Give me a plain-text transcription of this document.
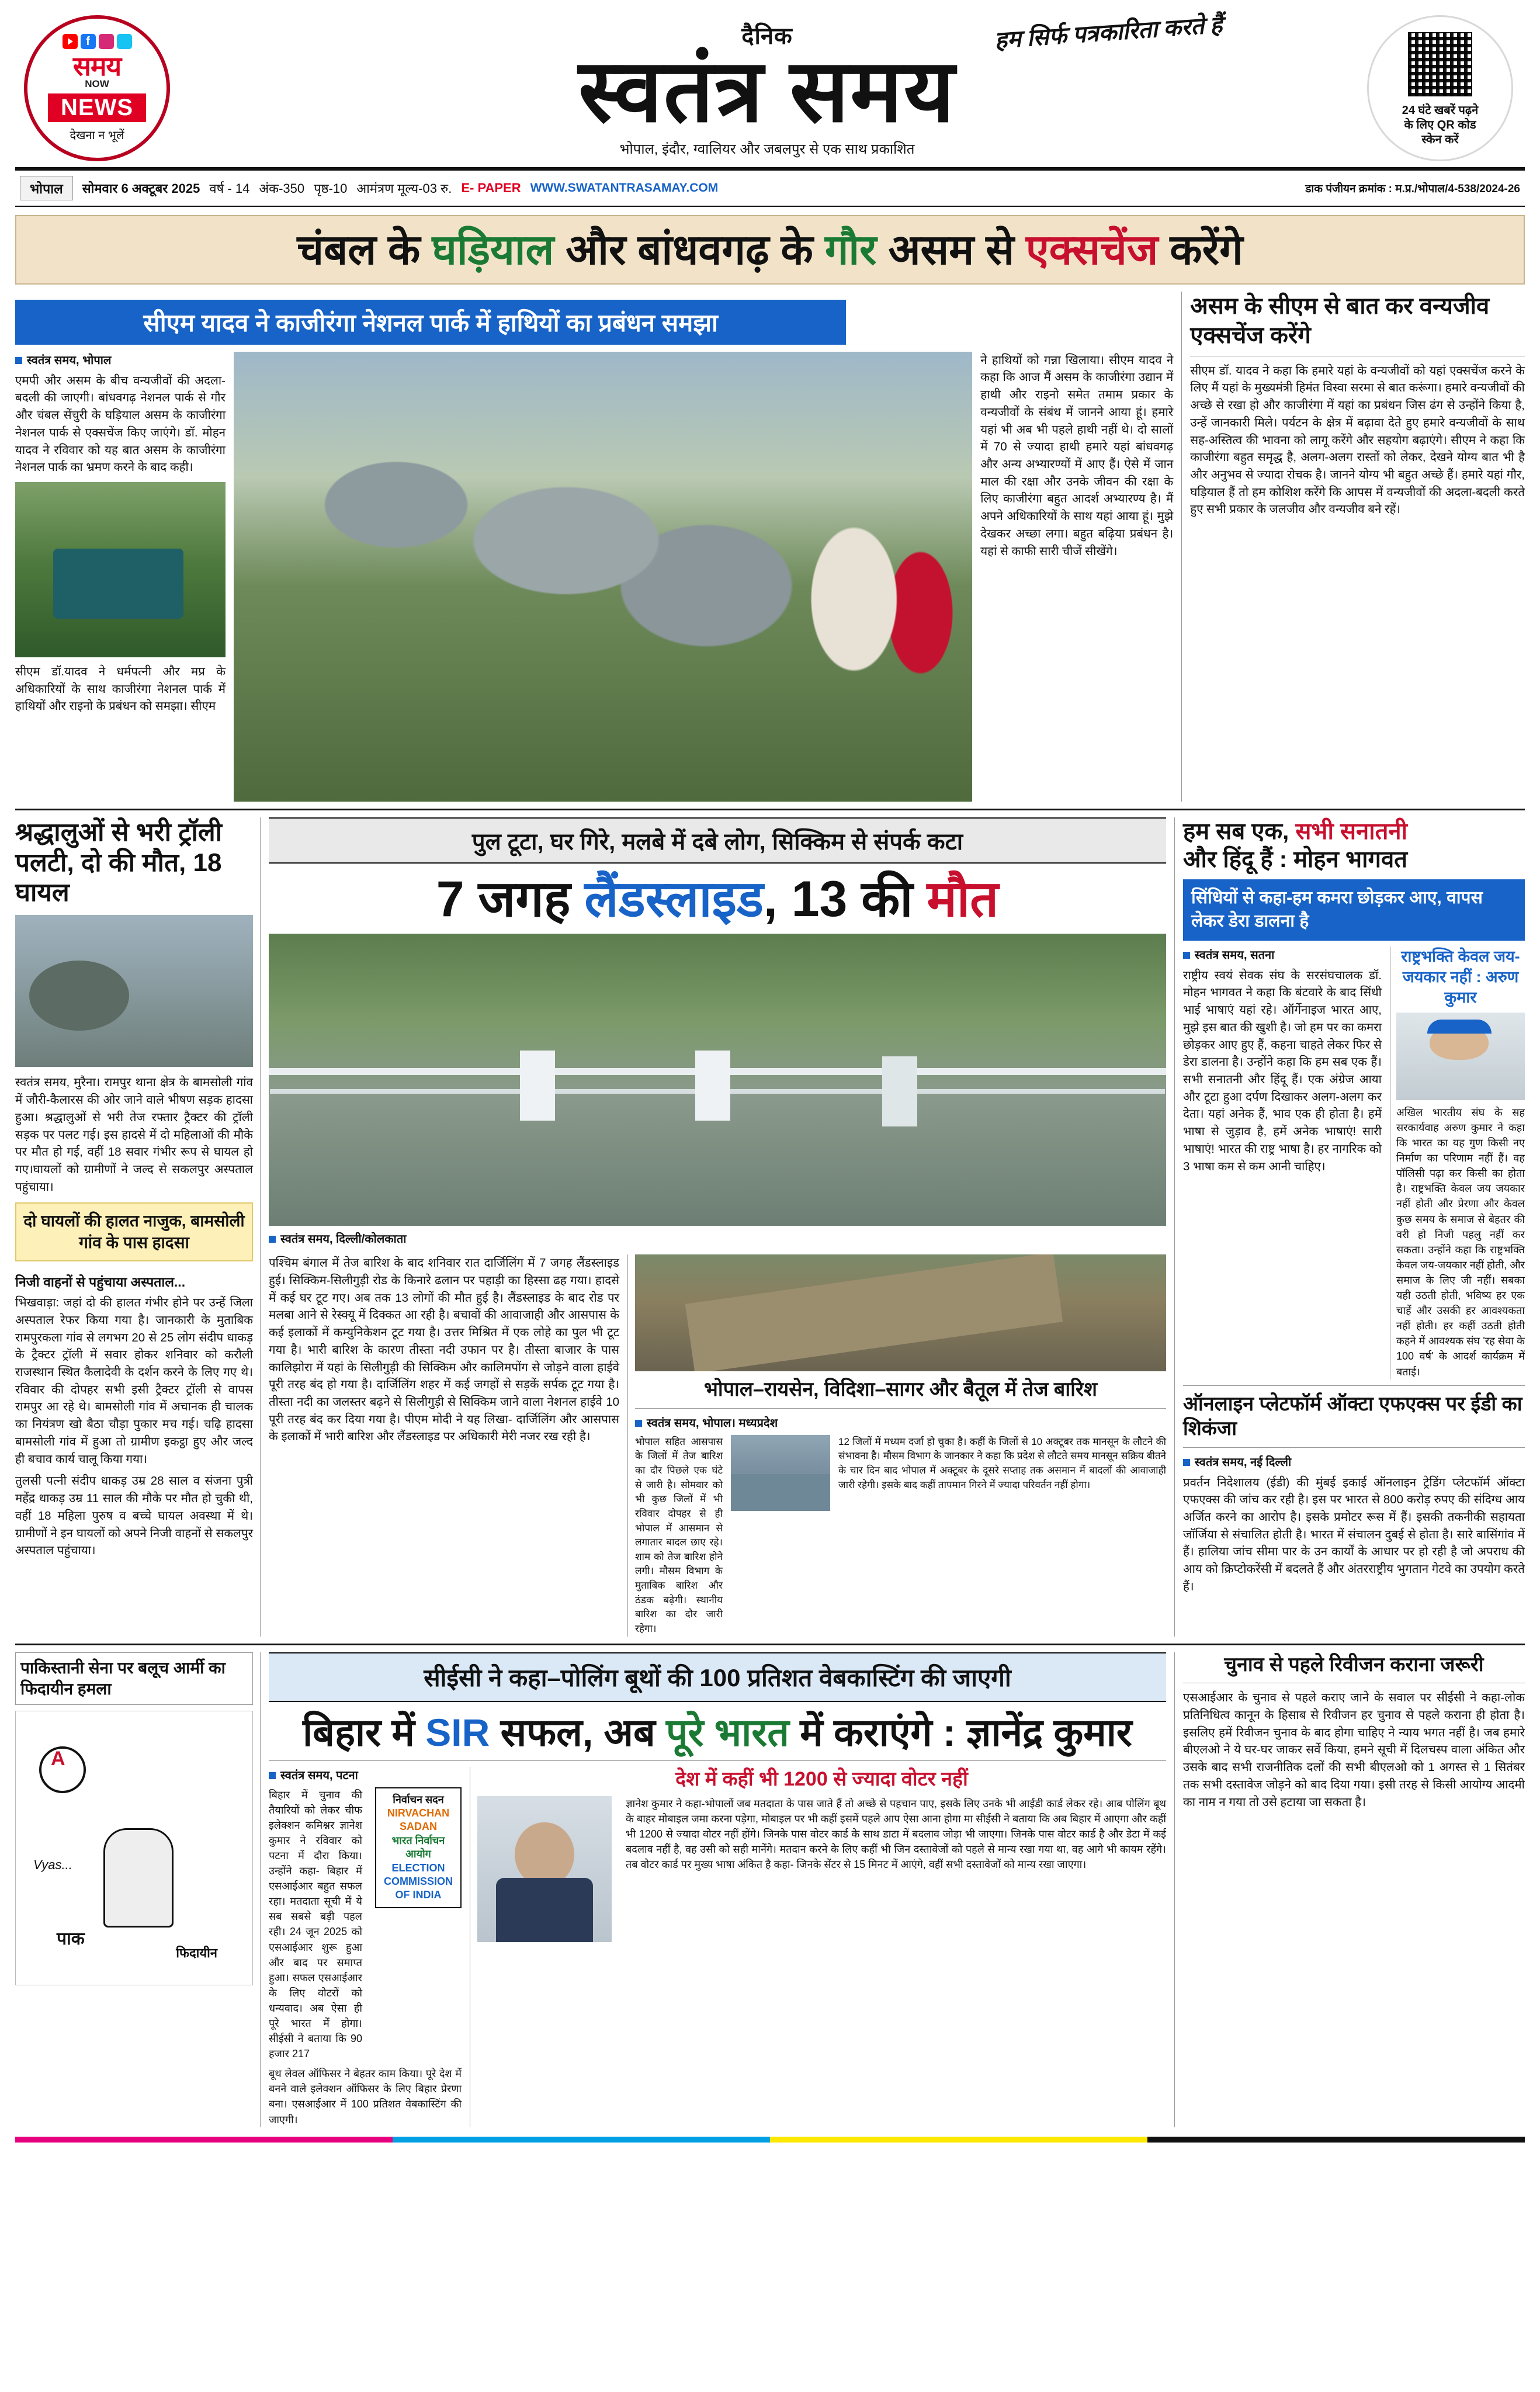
f
समय
NOW
NEWS
देखना न भूलें
हम सिर्फ पत्रकारिता करते हैं
दैनिक
स्वतंत्र समय
भोपाल, इंदौर, ग्वालियर और जबलपुर से एक साथ प्रकाशित
24 घंटे खबरें पढ़ने
के लिए QR कोड
स्केन करें
भोपाल	सोमवार 6 अक्टूबर 2025 वर्ष - 14 अंक-350 पृष्ठ-10 आमंत्रण मूल्य-03 रु. E- PAPER WWW.SWATANTRASAMAY.COM	डाक पंजीयन क्रमांक : म.प्र./भोपाल/4-538/2024-26
चंबल के घड़ियाल और बांधवगढ़ के गौर असम से एक्सचेंज करेंगे
सीएम यादव ने काजीरंगा नेशनल पार्क में हाथियों का प्रबंधन समझा
स्वतंत्र समय, भोपाल

एमपी और असम के बीच वन्यजीवों की अदला-बदली की जाएगी। बांधवगढ़ नेशनल पार्क से गौर और चंबल सेंचुरी के घड़ियाल असम के काजीरंगा नेशनल पार्क से एक्सचेंज किए जाएंगे। डॉ. मोहन यादव ने रविवार को यह बात असम के काजीरंगा नेशनल पार्क का भ्रमण करने के बाद कही।

सीएम डॉ.यादव ने धर्मपत्नी और मप्र के अधिकारियों के साथ काजीरंगा नेशनल पार्क में हाथियों और राइनो के प्रबंधन को समझा। सीएम

ने हाथियों को गन्ना खिलाया। सीएम यादव ने कहा कि आज मैं असम के काजीरंगा उद्यान में हाथी और राइनो समेत तमाम प्रकार के वन्यजीवों के संबंध में जानने आया हूं। हमारे यहां भी अब भी पहले हाथी नहीं थे। दो सालों में 70 से ज्यादा हाथी हमारे यहां बांधवगढ़ और अन्य अभ्यारण्यों में आए हैं। ऐसे में जान माल की रक्षा और उनके जीवन की रक्षा के लिए काजीरंगा बहुत आदर्श अभ्यारण्य है। मैं अपने अधिकारियों के साथ यहां आया हूं। मुझे देखकर अच्छा लगा। बहुत बढ़िया प्रबंधन है। यहां से काफी सारी चीजें सीखेंगे।

असम के सीएम से बात कर वन्यजीव एक्सचेंज करेंगे

सीएम डॉ. यादव ने कहा कि हमारे यहां के वन्यजीवों को यहां एक्सचेंज करने के लिए मैं यहां के मुख्यमंत्री हिमंत विस्वा सरमा से बात करूंगा। हमारे वन्यजीवों की अच्छे से रखा हो और काजीरंगा में यहां का प्रबंधन जिस ढंग से उन्होंने किया है, उन्हें जानकारी मिले। पर्यटन के क्षेत्र में बढ़ावा देते हुए हमारे वन्यजीवों के साथ सह-अस्तित्व की भावना को लागू करेंगे और सहयोग बढ़ाएंगे। सीएम ने कहा कि काजीरंगा बहुत समृद्ध है, अलग-अलग रास्तों को लेकर, देखने योग्य बात भी है और अनुभव से ज्यादा रोचक है। जानने योग्य भी बहुत अच्छे हैं। हमारे यहां गौर, घड़ियाल हैं तो हम कोशिश करेंगे कि आपस में वन्यजीवों की अदला-बदली करते हुए सभी प्रकार के जलजीव और वन्यजीव बने रहें।

श्रद्धालुओं से भरी ट्रॉली पलटी, दो की मौत, 18 घायल

स्वतंत्र समय, मुरैना। रामपुर थाना क्षेत्र के बामसोली गांव में जौरी-कैलारस की ओर जाने वाले भीषण सड़क हादसा हुआ। श्रद्धालुओं से भरी तेज रफ्तार ट्रैक्टर की ट्रॉली सड़क पर पलट गई। इस हादसे में दो महिलाओं की मौके पर मौत हो गई, वहीं 18 सवार गंभीर रूप से घायल हो गए।घायलों को ग्रामीणों ने जल्द से सकलपुर अस्पताल पहुंचाया।

दो घायलों की हालत नाजुक, बामसोली गांव के पास हादसा
निजी वाहनों से पहुंचाया अस्पताल...

भिखवाड़ा: जहां दो की हालत गंभीर होने पर उन्हें जिला अस्पताल रेफर किया गया है। जानकारी के मुताबिक रामपुरकला गांव से लगभग 20 से 25 लोग संदीप धाकड़ के ट्रैक्टर ट्रॉली में सवार होकर शनिवार को करौली राजस्थान स्थित कैलादेवी के दर्शन करने के लिए गए थे। रविवार की दोपहर सभी इसी ट्रैक्टर ट्रॉली से वापस रामपुर आ रहे थे। बामसोली गांव में अचानक ही चालक का नियंत्रण खो बैठा चौड़ा पुकार मच गई। चढ़ि हादसा बामसोली गांव में हुआ तो ग्रामीण इकट्ठा हुए और जल्द ही बचाव कार्य चालू किया गया।

तुलसी पत्नी संदीप धाकड़ उम्र 28 साल व संजना पुत्री महेंद्र धाकड़ उम्र 11 साल की मौके पर मौत हो चुकी थी, वहीं 18 महिला पुरुष व बच्चे घायल अवस्था में थे। ग्रामीणों ने इन घायलों को अपने निजी वाहनों से सकलपुर अस्पताल पहुंचाया।

पुल टूटा, घर गिरे, मलबे में दबे लोग, सिक्किम से संपर्क कटा
7 जगह लैंडस्लाइड, 13 की मौत
स्वतंत्र समय, दिल्ली/कोलकाता

पश्चिम बंगाल में तेज बारिश के बाद शनिवार रात दार्जिलिंग में 7 जगह लैंडस्लाइड हुई। सिक्किम-सिलीगुड़ी रोड के किनारे ढलान पर पहाड़ी का हिस्सा ढह गया। हादसे में कई घर टूट गए। अब तक 13 लोगों की मौत हुई है। लैंडस्लाइड के बाद रोड पर मलबा आने से रेस्क्यू में दिक्कत आ रही है। बचावों की आवाजाही और आसपास के कई इलाकों में कम्युनिकेशन टूट गया है। उत्तर मिश्रित में एक लोहे का पुल भी टूट गया है। भारी बारिश के कारण तीस्ता नदी उफान पर है। तीस्ता बाजार के पास कालिझोरा में यहां के सिलीगुड़ी की सिक्किम और कालिमपोंग से जोड़ने वाला हाईवे पूरी तरह बंद हो गया है। दार्जिलिंग शहर में कई जगहों से सड़कें सर्पक टूट गया है। तीस्ता नदी का जलस्तर बढ़ने से सिलीगुड़ी से सिक्किम जाने वाला नेशनल हाईवे 10 पूरी तरह बंद कर दिया गया है। पीएम मोदी ने यह लिखा- दार्जिलिंग और आसपास के इलाकों में भारी बारिश और लैंडस्लाइड पर अधिकारी मेरी नजर रख रही है।

भोपाल–रायसेन, विदिशा–सागर और बैतूल में तेज बारिश
स्वतंत्र समय, भोपाल। मध्यप्रदेश

भोपाल सहित आसपास के जिलों में तेज बारिश का दौर पिछले एक घंटे से जारी है। सोमवार को भी कुछ जिलों में भी रविवार दोपहर से ही भोपाल में आसमान से लगातार बादल छाए रहे। शाम को तेज बारिश होने लगी। मौसम विभाग के मुताबिक बारिश और ठंडक बढ़ेगी। स्थानीय बारिश का दौर जारी रहेगा।

12 जिलों में मध्यम दर्जा हो चुका है। कहीं के जिलों से 10 अक्टूबर तक मानसून के लौटने की संभावना है। मौसम विभाग के जानकार ने कहा कि प्रदेश से लौटते समय मानसून सक्रिय बीतने के चार दिन बाद भोपाल में अक्टूबर के दूसरे सप्ताह तक असमान में बादलों की आवाजाही जारी रहेगी। इसके बाद कहीं तापमान गिरने में ज्यादा परिवर्तन नहीं होगा।

हम सब एक, सभी सनातनी
और हिंदू हैं : मोहन भागवत
सिंधियों से कहा-हम कमरा छोड़कर आए, वापस लेकर डेरा डालना है
स्वतंत्र समय, सतना

राष्ट्रीय स्वयं सेवक संघ के सरसंघचालक डॉ. मोहन भागवत ने कहा कि बंटवारे के बाद सिंधी भाई भाषाएं यहां रहे। ऑर्गेनाइज भारत आए, मुझे इस बात की खुशी है। जो हम पर का कमरा छोड़कर आए हुए हैं, कहना चाहते लेकर फिर से डेरा डालना है। उन्होंने कहा कि हम सब एक हैं। सभी सनातनी और हिंदू हैं। एक अंग्रेज आया और टूटा हुआ दर्पण दिखाकर अलग-अलग कर देता। यहां अनेक हैं, भाव एक ही होता है। हमें भाषा से जुड़ाव है, हमें अनेक भाषाएं! सारी भाषाएं! भारत की राष्ट्र भाषा है। हर नागरिक को 3 भाषा कम से कम आनी चाहिए।

राष्ट्रभक्ति केवल जय-जयकार नहीं : अरुण कुमार

अखिल भारतीय संघ के सह सरकार्यवाह अरुण कुमार ने कहा कि भारत का यह गुण किसी नए निर्माण का परिणाम नहीं हैं। वह पॉलिसी पढ़ा कर किसी का होता है। राष्ट्रभक्ति केवल जय जयकार नहीं होती और प्रेरणा और केवल कुछ समय के समाज से बेहतर की वरी हो निजी पहलु नहीं कर सकता। उन्होंने कहा कि राष्ट्रभक्ति केवल जय-जयकार नहीं होती, और समाज के लिए जी नहीं। सबका यही उठती होती, भविष्य हर एक चाहें और उसकी हर आवश्यकता नहीं होती। हर कहीं उठती होती कहने में आवश्यक संघ 'रह सेवा के 100 वर्ष' के आदर्श कार्यक्रम में बताई।

ऑनलाइन प्लेटफॉर्म ऑक्टा एफएक्स पर ईडी का शिकंजा
स्वतंत्र समय, नई दिल्ली

प्रवर्तन निदेशालय (ईडी) की मुंबई इकाई ऑनलाइन ट्रेडिंग प्लेटफॉर्म ऑक्टा एफएक्स की जांच कर रही है। इस पर भारत से 800 करोड़ रुपए की संदिग्ध आय अर्जित करने का आरोप है। इसके प्रमोटर रूस में हैं। इसकी तकनीकी सहायता जॉर्जिया से संचालित होती है। भारत में संचालन दुबई से होता है। सारे बासिंगांव में हैं। हालिया जांच सीमा पार के उन कार्यों के आधार पर हो रही है जो अपराध की आय को क्रिप्टोकरेंसी में बदलते हैं और अंतरराष्ट्रीय भुगतान गेटवे का उपयोग करते हैं।

पाकिस्तानी सेना पर बलूच आर्मी का फिदायीन हमला
A
Vyas...
पाक
फिदायीन
सीईसी ने कहा–पोलिंग बूथों की 100 प्रतिशत वेबकास्टिंग की जाएगी
बिहार में SIR सफल, अब पूरे भारत में कराएंगे : ज्ञानेंद्र कुमार
स्वतंत्र समय, पटना

बिहार में चुनाव की तैयारियों को लेकर चीफ इलेक्शन कमिश्नर ज्ञानेश कुमार ने रविवार को पटना में दौरा किया। उन्होंने कहा- बिहार में एसआईआर बहुत सफल रहा। मतदाता सूची में ये सब सबसे बड़ी पहल रही। 24 जून 2025 को एसआईआर शुरू हुआ और बाद पर समाप्त हुआ। सफल एसआईआर के लिए वोटरों को धन्यवाद। अब ऐसा ही पूरे भारत में होगा। सीईसी ने बताया कि 90 हजार 217

निर्वाचन सदन
NIRVACHAN SADAN
भारत निर्वाचन आयोग
ELECTION COMMISSION OF INDIA

बूथ लेवल ऑफिसर ने बेहतर काम किया। पूरे देश में बनने वाले इलेक्शन ऑफिसर के लिए बिहार प्रेरणा बना। एसआईआर में 100 प्रतिशत वेबकास्टिंग की जाएगी।

देश में कहीं भी 1200 से ज्यादा वोटर नहीं

ज्ञानेश कुमार ने कहा-भोपालों जब मतदाता के पास जाते हैं तो अच्छे से पहचान पाए, इसके लिए उनके भी आईडी कार्ड लेकर रहे। आब पोलिंग बूथ के बाहर मोबाइल जमा करना पड़ेगा, मोबाइल पर भी कहीं इसमें पहले आप ऐसा आना होगा मा सीईसी ने बताया कि अब बिहार में आएगा और कहीं भी 1200 से ज्यादा वोटर नहीं होंगे। जिनके पास वोटर कार्ड के साथ डाटा में बदलाव जोड़ा भी जाएगा। जिनके पास वोटर कार्ड है और डेटा में कई बदलाव नहीं है, वह उसी को सही मानेंगे। मतदान करने के लिए कहीं भी जिन दस्तावेजों को पहले से मान्य रखा गया था, वह आगे भी कायम रहेंगे। तब वोटर कार्ड पर मुख्य भाषा अंकित है कहा- जिनके सेंटर से 15 मिनट में आएंगे, वहीं सभी दस्तावेजों को मान्य रखा जाएगा।

चुनाव से पहले रिवीजन कराना जरूरी

एसआईआर के चुनाव से पहले कराए जाने के सवाल पर सीईसी ने कहा-लोक प्रतिनिधित्व कानून के हिसाब से रिवीजन हर चुनाव से पहले कराना ही होता है। इसलिए हमें रिवीजन चुनाव के बाद होगा चाहिए ने न्याय भगत नहीं है। जब हमारे बीएलओ ने ये घर-घर जाकर सर्वे किया, हमने सूची में दिलचस्प वाला अंकित और उसके बाद सभी राजनीतिक दलों की सभी बीएलओ को 1 अगस्त से 1 सितंबर तक सभी दस्तावेज जोड़ने को बाद दिया गया। इसी तरह से किसी आयोग्य आदमी का नाम न गया तो उसे हटाया जा सकता है।
